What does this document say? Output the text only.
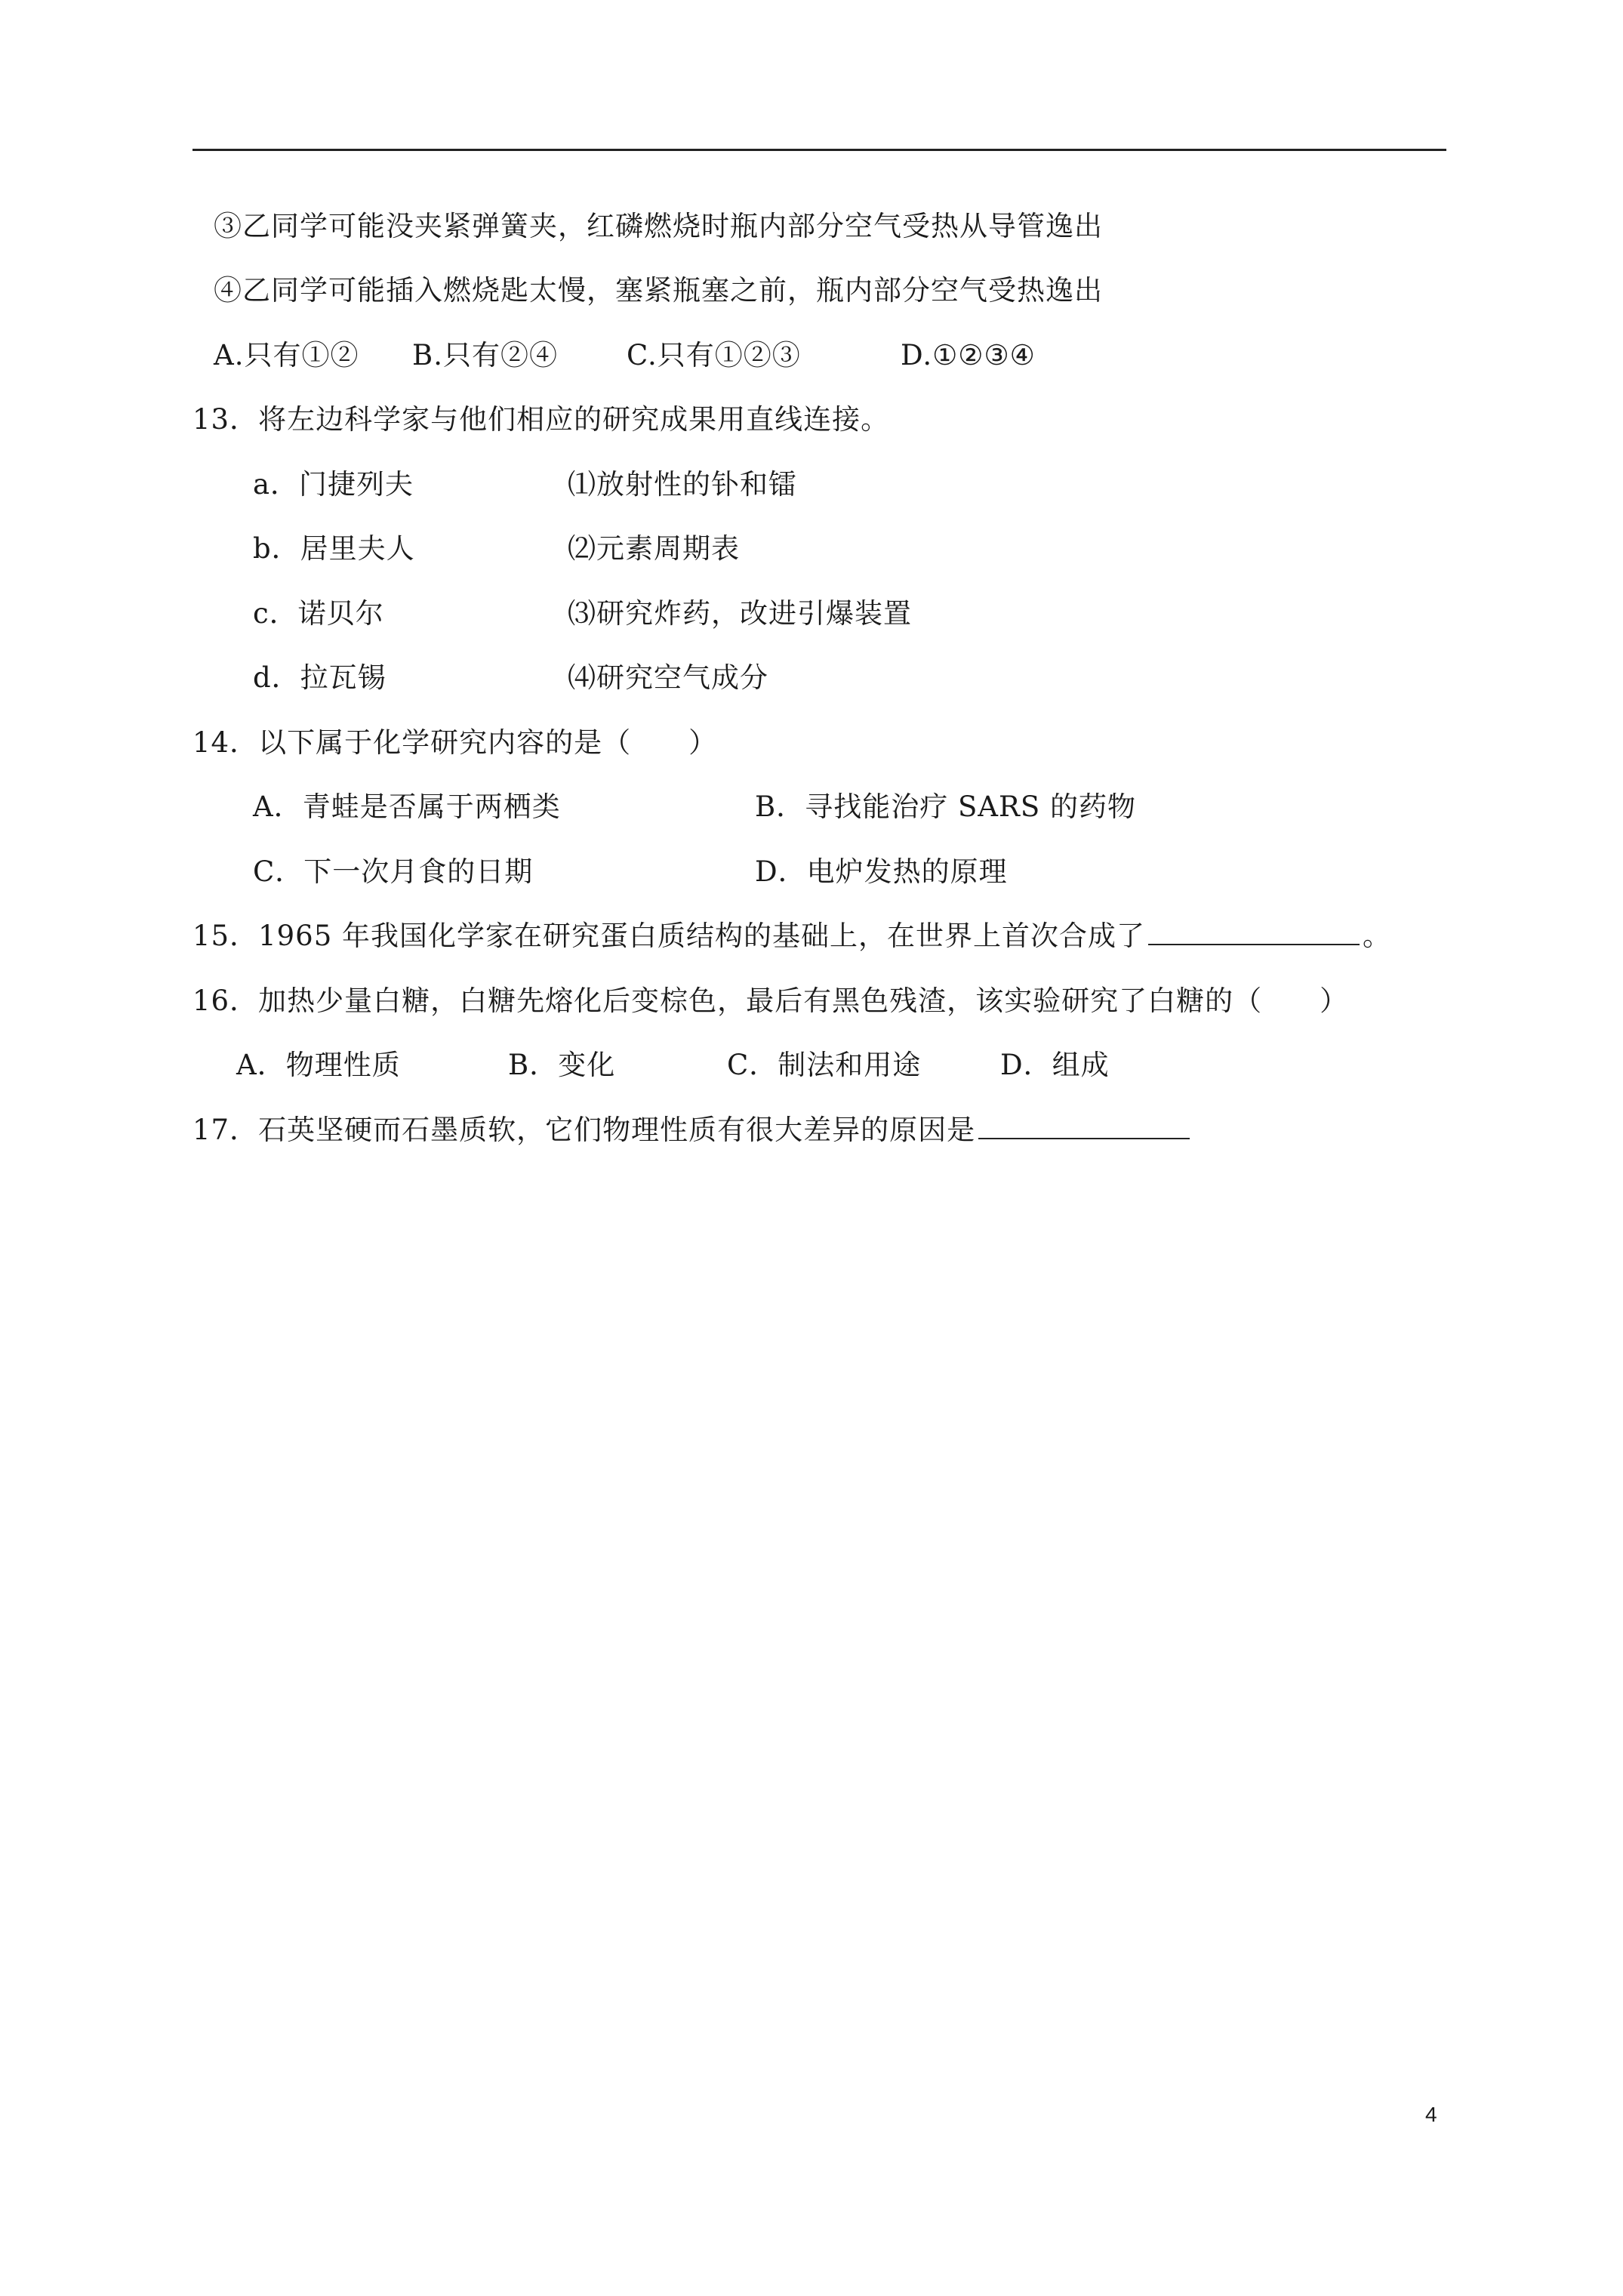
③乙同学可能没夹紧弹簧夹，红磷燃烧时瓶内部分空气受热从导管逸出
④乙同学可能插入燃烧匙太慢，塞紧瓶塞之前，瓶内部分空气受热逸出
A.只有①② B.只有②④ C.只有①②③	D.①②③④
13．将左边科学家与他们相应的研究成果用直线连接。
a．门捷列夫	⑴放射性的钋和镭
b．居里夫人	⑵元素周期表
c．诺贝尔	⑶研究炸药，改进引爆装置
d．拉瓦锡	⑷研究空气成分
14．以下属于化学研究内容的是（　　）
A．青蛙是否属于两栖类	B．寻找能治疗 SARS 的药物
C．下一次月食的日期	D．电炉发热的原理
15．1965 年我国化学家在研究蛋白质结构的基础上，在世界上首次合成了	。
16．加热少量白糖，白糖先熔化后变棕色，最后有黑色残渣，该实验研究了白糖的（　　）
A．物理性质	B．变化	C．制法和用途	D．组成
17．石英坚硬而石墨质软，它们物理性质有很大差异的原因是
4
